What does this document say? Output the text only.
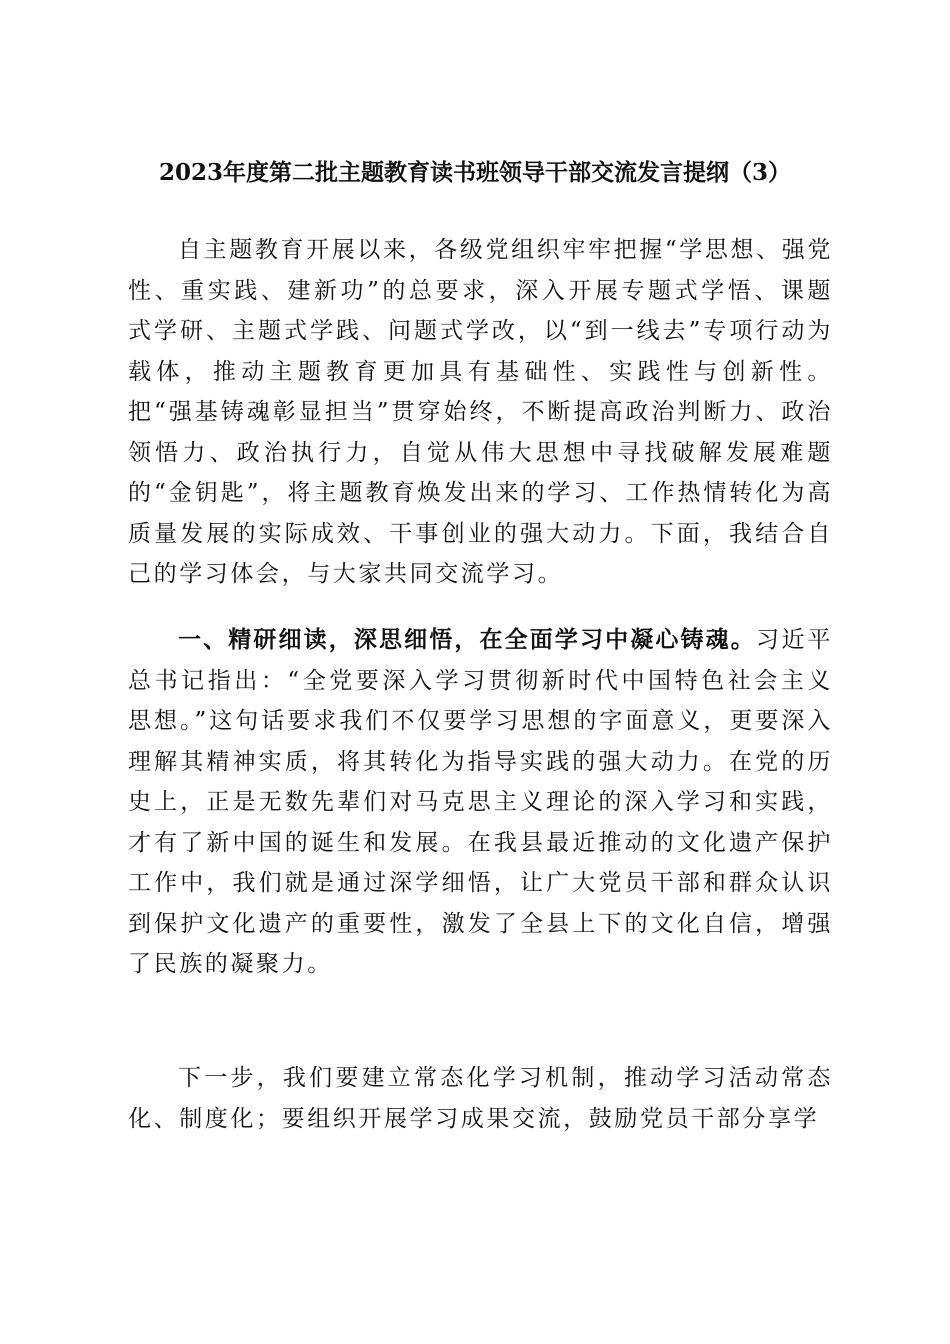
2023年度第二批主题教育读书班领导干部交流发言提纲（3）

自主题教育开展以来，各级党组织牢牢把握“学思想、强党性、重实践、建新功”的总要求，深入开展专题式学悟、课题式学研、主题式学践、问题式学改，以“到一线去”专项行动为载体，推动主题教育更加具有基础性、实践性与创新性。把“强基铸魂彰显担当”贯穿始终，不断提高政治判断力、政治领悟力、政治执行力，自觉从伟大思想中寻找破解发展难题的“金钥匙”，将主题教育焕发出来的学习、工作热情转化为高质量发展的实际成效、干事创业的强大动力。下面，我结合自己的学习体会，与大家共同交流学习。

一、精研细读，深思细悟，在全面学习中凝心铸魂。习近平总书记指出：“全党要深入学习贯彻新时代中国特色社会主义思想。”这句话要求我们不仅要学习思想的字面意义，更要深入理解其精神实质，将其转化为指导实践的强大动力。在党的历史上，正是无数先辈们对马克思主义理论的深入学习和实践，才有了新中国的诞生和发展。在我县最近推动的文化遗产保护工作中，我们就是通过深学细悟，让广大党员干部和群众认识到保护文化遗产的重要性，激发了全县上下的文化自信，增强了民族的凝聚力。

下一步，我们要建立常态化学习机制，推动学习活动常态化、制度化；要组织开展学习成果交流，鼓励党员干部分享学
